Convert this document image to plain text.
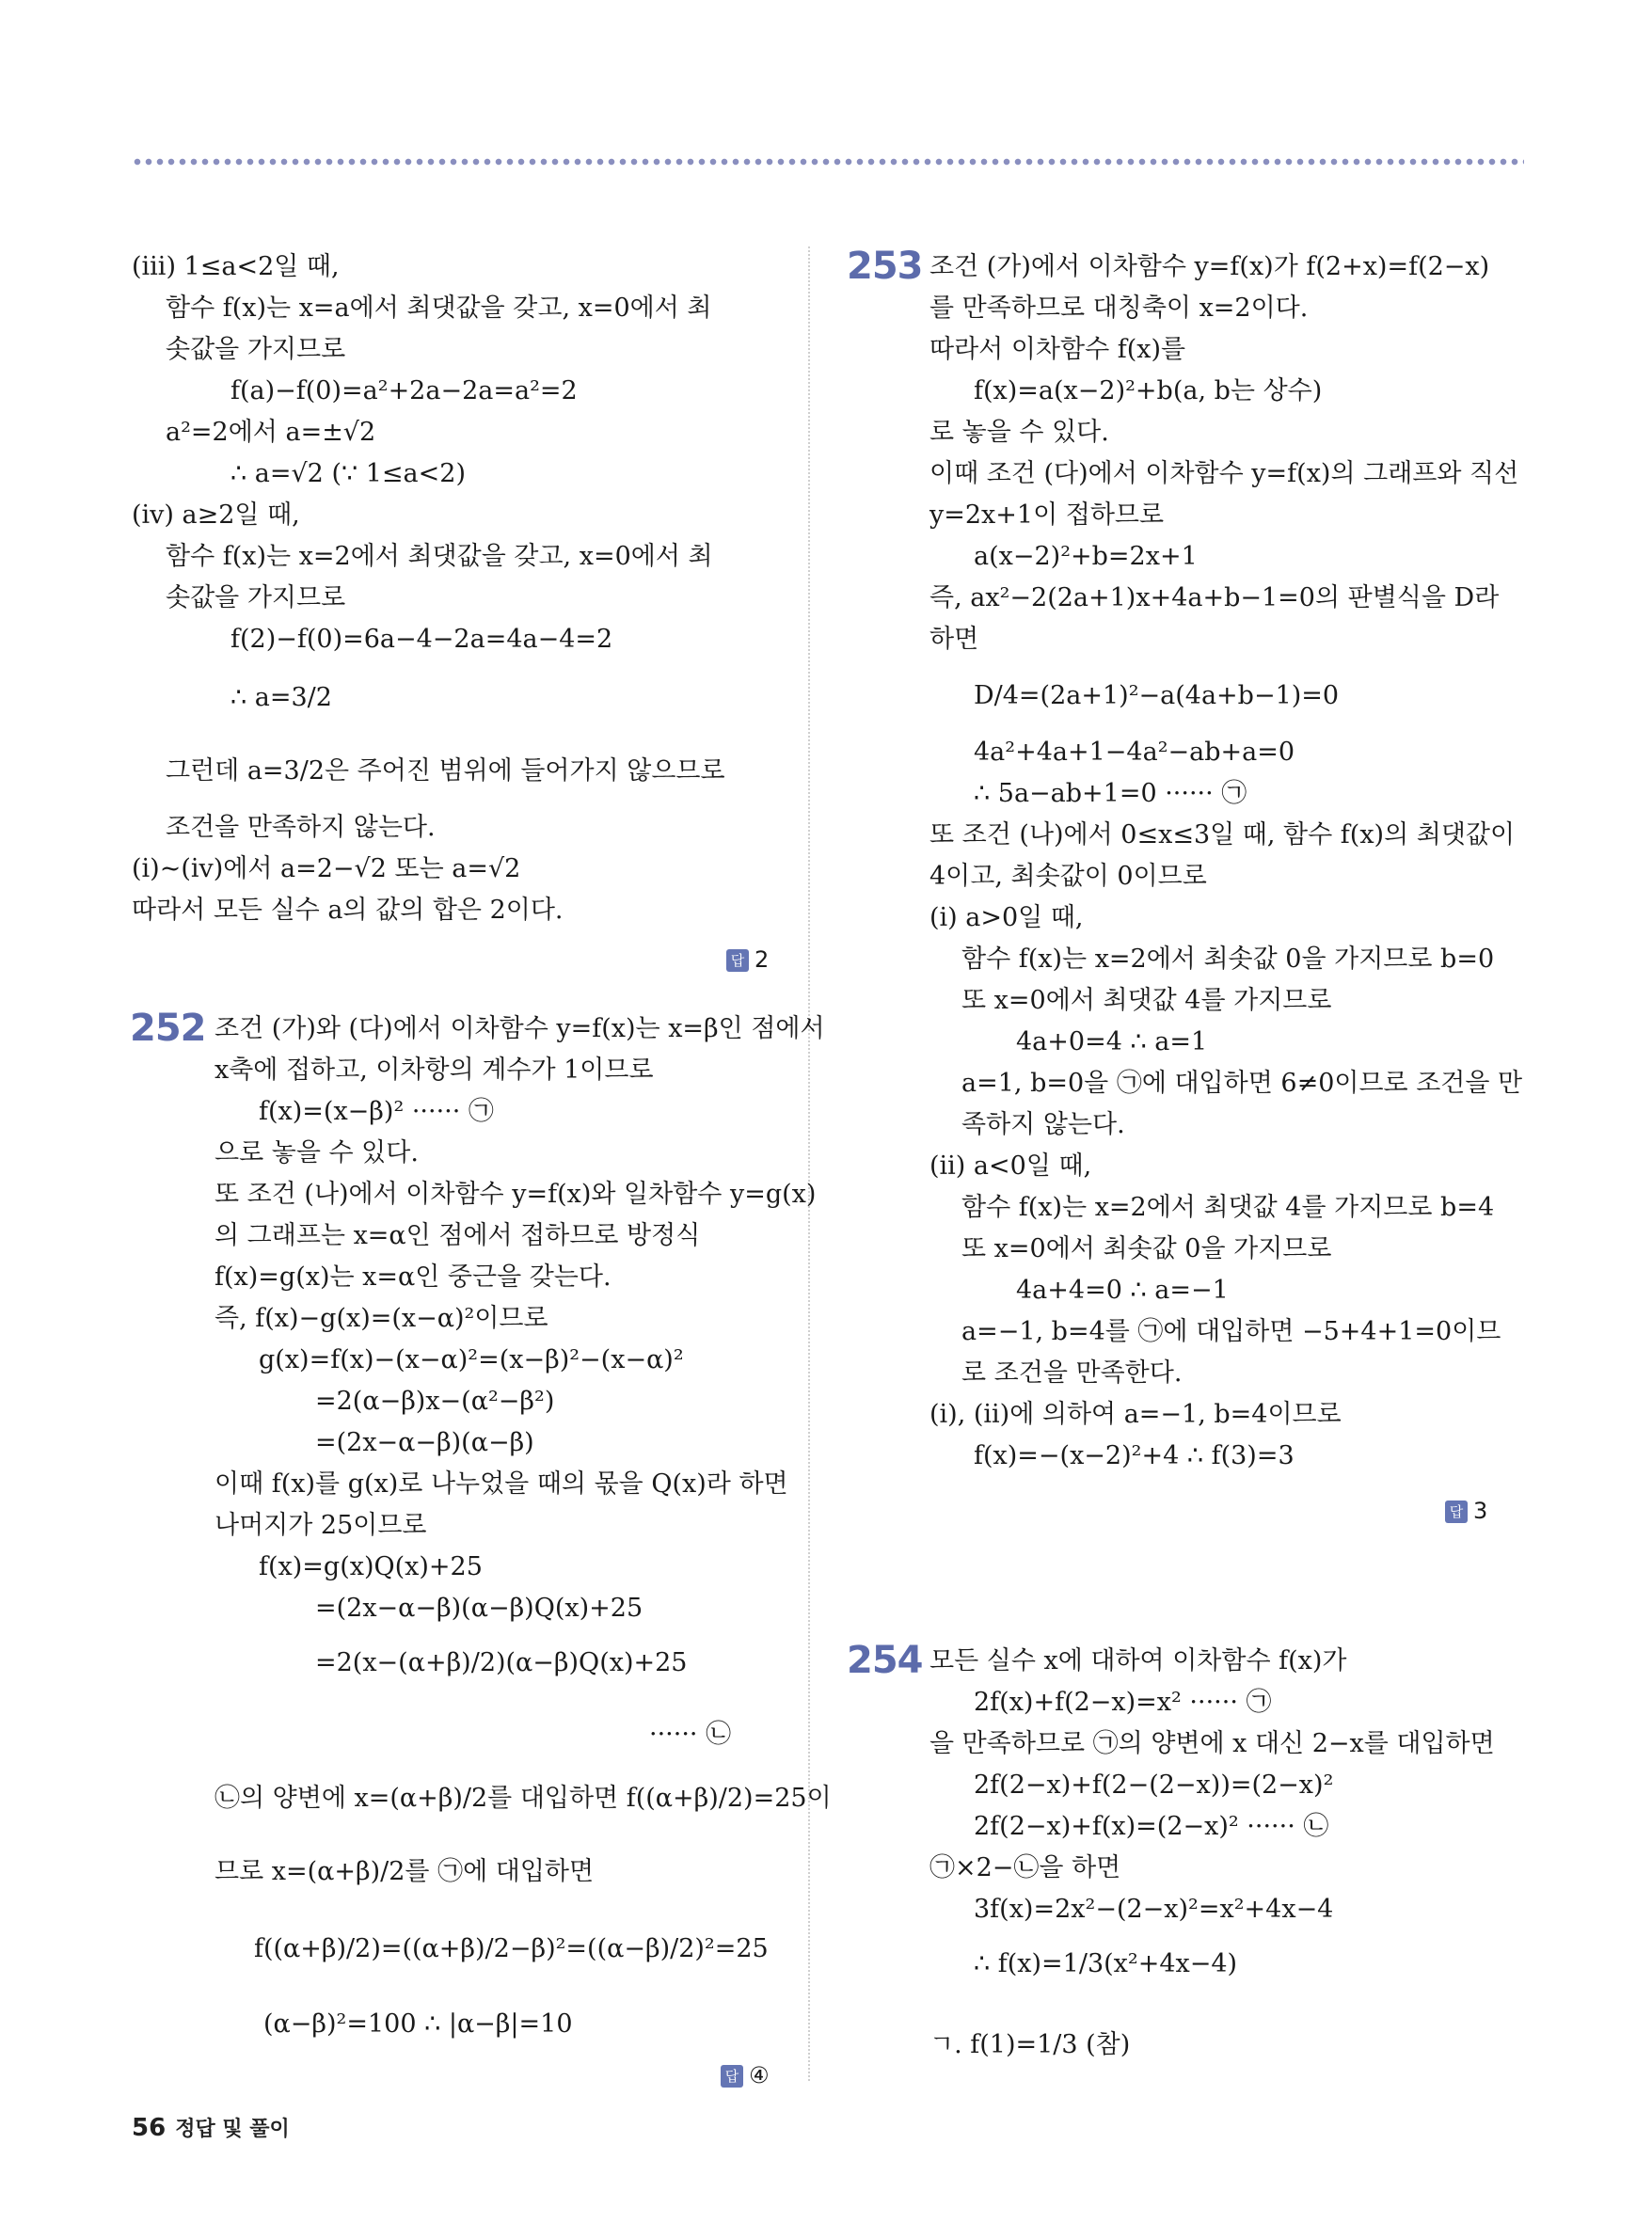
(iii) 1≤a<2일 때,
함수 f(x)는 x=a에서 최댓값을 갖고, x=0에서 최
솟값을 가지므로
f(a)−f(0)=a²+2a−2a=a²=2
a²=2에서 a=±√2
∴ a=√2 (∵ 1≤a<2)
(iv) a≥2일 때,
함수 f(x)는 x=2에서 최댓값을 갖고, x=0에서 최
솟값을 가지므로
f(2)−f(0)=6a−4−2a=4a−4=2
∴ a=3/2
그런데 a=3/2은 주어진 범위에 들어가지 않으므로
조건을 만족하지 않는다.
(i)~(iv)에서 a=2−√2 또는 a=√2
따라서 모든 실수 a의 값의 합은 2이다.
답 2
252 조건 (가)와 (다)에서 이차함수 y=f(x)는 x=β인 점에서
x축에 접하고, 이차항의 계수가 1이므로
f(x)=(x−β)² ······ ㉠
으로 놓을 수 있다.
또 조건 (나)에서 이차함수 y=f(x)와 일차함수 y=g(x)
의 그래프는 x=α인 점에서 접하므로 방정식
f(x)=g(x)는 x=α인 중근을 갖는다.
즉, f(x)−g(x)=(x−α)²이므로
g(x)=f(x)−(x−α)²=(x−β)²−(x−α)²
=2(α−β)x−(α²−β²)
=(2x−α−β)(α−β)
이때 f(x)를 g(x)로 나누었을 때의 몫을 Q(x)라 하면
나머지가 25이므로
f(x)=g(x)Q(x)+25
=(2x−α−β)(α−β)Q(x)+25
=2(x−(α+β)/2)(α−β)Q(x)+25
······ ㉡
㉡의 양변에 x=(α+β)/2를 대입하면 f((α+β)/2)=25이
므로 x=(α+β)/2를 ㉠에 대입하면
f((α+β)/2)=((α+β)/2−β)²=((α−β)/2)²=25
(α−β)²=100 ∴ |α−β|=10
답 ④
253 조건 (가)에서 이차함수 y=f(x)가 f(2+x)=f(2−x)
를 만족하므로 대칭축이 x=2이다.
따라서 이차함수 f(x)를
f(x)=a(x−2)²+b(a, b는 상수)
로 놓을 수 있다.
이때 조건 (다)에서 이차함수 y=f(x)의 그래프와 직선
y=2x+1이 접하므로
a(x−2)²+b=2x+1
즉, ax²−2(2a+1)x+4a+b−1=0의 판별식을 D라
하면
D/4=(2a+1)²−a(4a+b−1)=0
4a²+4a+1−4a²−ab+a=0
∴ 5a−ab+1=0 ······ ㉠
또 조건 (나)에서 0≤x≤3일 때, 함수 f(x)의 최댓값이
4이고, 최솟값이 0이므로
(i) a>0일 때,
함수 f(x)는 x=2에서 최솟값 0을 가지므로 b=0
또 x=0에서 최댓값 4를 가지므로
4a+0=4 ∴ a=1
a=1, b=0을 ㉠에 대입하면 6≠0이므로 조건을 만
족하지 않는다.
(ii) a<0일 때,
함수 f(x)는 x=2에서 최댓값 4를 가지므로 b=4
또 x=0에서 최솟값 0을 가지므로
4a+4=0 ∴ a=−1
a=−1, b=4를 ㉠에 대입하면 −5+4+1=0이므
로 조건을 만족한다.
(i), (ii)에 의하여 a=−1, b=4이므로
f(x)=−(x−2)²+4 ∴ f(3)=3
답 3
254 모든 실수 x에 대하여 이차함수 f(x)가
2f(x)+f(2−x)=x² ······ ㉠
을 만족하므로 ㉠의 양변에 x 대신 2−x를 대입하면
2f(2−x)+f(2−(2−x))=(2−x)²
2f(2−x)+f(x)=(2−x)² ······ ㉡
㉠×2−㉡을 하면
3f(x)=2x²−(2−x)²=x²+4x−4
∴ f(x)=1/3(x²+4x−4)
ㄱ. f(1)=1/3 (참)
56 정답 및 풀이
